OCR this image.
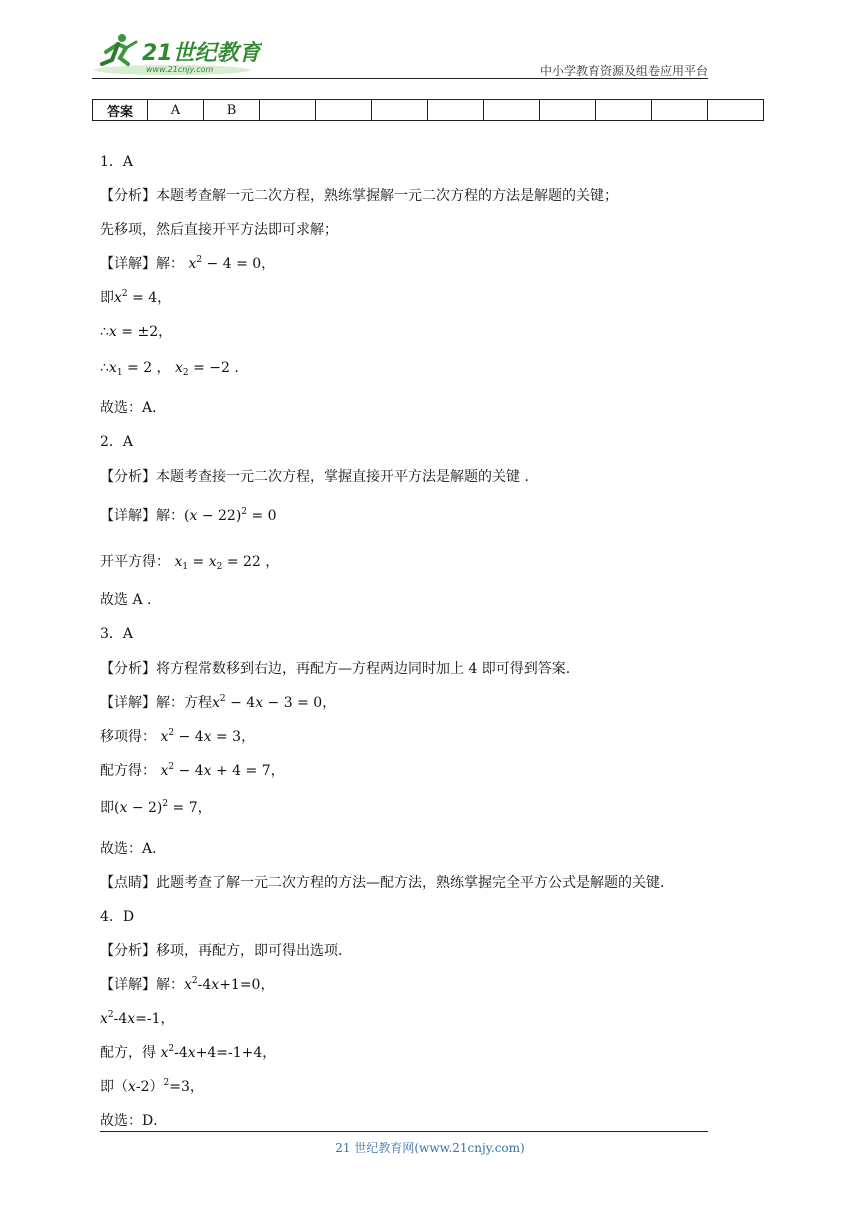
21世纪教育
www.21cnjy.com	中小学教育资源及组卷应用平台
答案	A	B									
1．A
【分析】本题考查解一元二次方程，熟练掌握解一元二次方程的方法是解题的关键；
先移项，然后直接开平方法即可求解；
【详解】解： $x^2 - 4 = 0$，
即$x^2 = 4$，
∴x = ±2，
$\therefore x_1 = 2$ ， $x_2 = -2$ .
故选：A．
2．A
【分析】本题考查接一元二次方程，掌握直接开平方法是解题的关键 .
【详解】解：$(x - 22)^2 = 0$
开平方得： $x_1 = x_2 = 22$ ，
故选 A .
3．A
【分析】将方程常数移到右边，再配方—方程两边同时加上 4 即可得到答案.
【详解】解：方程$x^2 - 4x - 3 = 0$，
移项得： $x^2 - 4x = 3$，
配方得： $x^2 - 4x + 4 = 7$，
即$(x - 2)^2 = 7$，
故选：A．
【点睛】此题考查了解一元二次方程的方法—配方法，熟练掌握完全平方公式是解题的关键.
4．D
【分析】移项，再配方，即可得出选项.
【详解】解：$x^2-4x+1=0$，
$x^2-4x=-1$，
配方，得 $x^2-4x+4=-1+4$，
即$(x-2)^2=3$，
故选：D．
21 世纪教育网(www.21cnjy.com)
